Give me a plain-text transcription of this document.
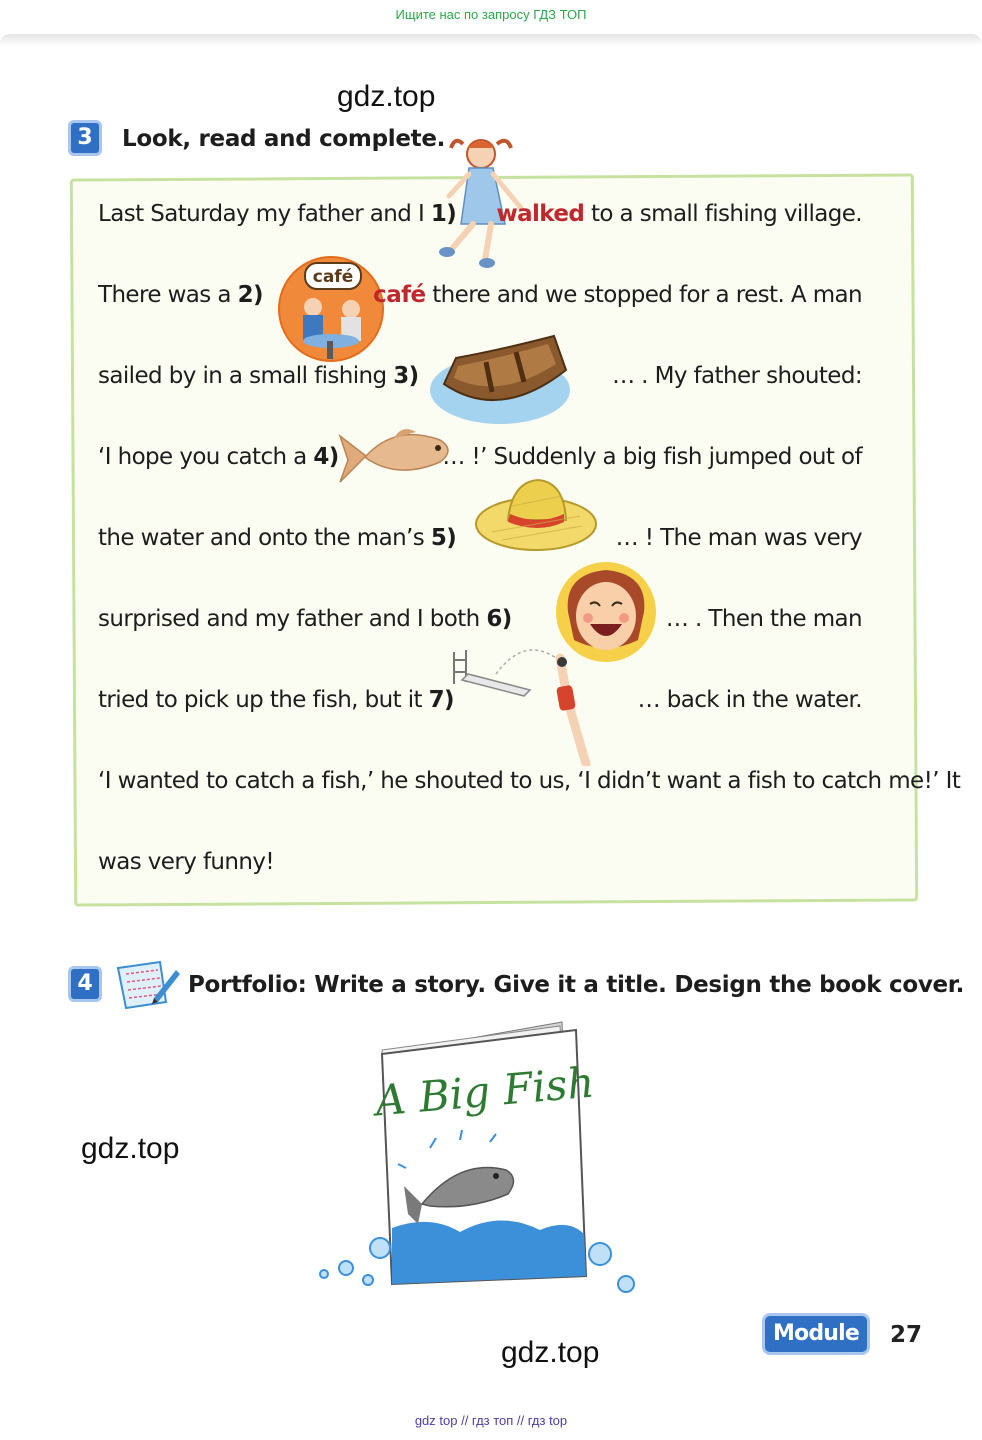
Ищите нас по запросу ГДЗ ТОП
gdz.top
gdz.top
gdz.top
3	Look, read and complete.
café
Last Saturday my father and I 1) walked to a small fishing village.
There was a 2)	café there and we stopped for a rest. A man
sailed by in a small fishing 3)	… . My father shouted:
‘I hope you catch a 4)	… !’ Suddenly a big fish jumped out of
the water and onto the man’s 5)	… ! The man was very
surprised and my father and I both 6)	… . Then the man
tried to pick up the fish, but it 7)	… back in the water.
‘I wanted to catch a fish,’ he shouted to us, ‘I didn’t want a fish to catch me!’ It
was very funny!
4	Portfolio: Write a story. Give it a title. Design the book cover.
A Big Fish
Module 6
27
gdz top // гдз топ // гдз top
